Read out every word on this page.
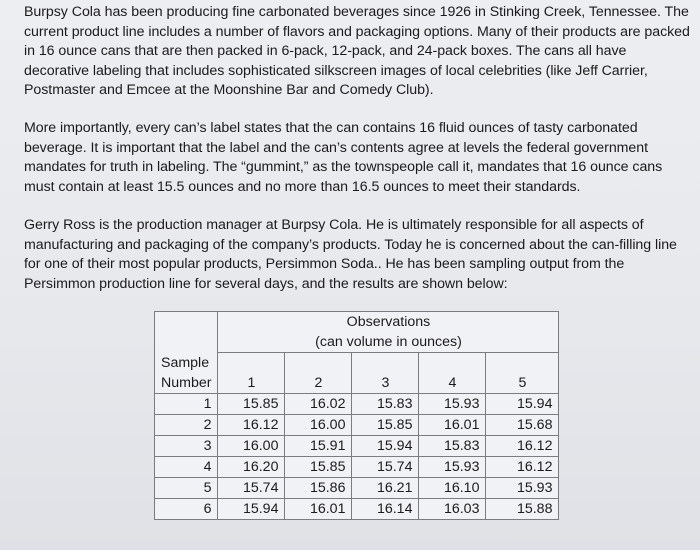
Burpsy Cola has been producing fine carbonated beverages since 1926 in Stinking Creek, Tennessee. The current product line includes a number of flavors and packaging options. Many of their products are packed in 16 ounce cans that are then packed in 6-pack, 12-pack, and 24-pack boxes. The cans all have decorative labeling that includes sophisticated silkscreen images of local celebrities (like Jeff Carrier, Postmaster and Emcee at the Moonshine Bar and Comedy Club).

More importantly, every can’s label states that the can contains 16 fluid ounces of tasty carbonated beverage. It is important that the label and the can’s contents agree at levels the federal government mandates for truth in labeling. The “gummint,” as the townspeople call it, mandates that 16 ounce cans must contain at least 15.5 ounces and no more than 16.5 ounces to meet their standards.

Gerry Ross is the production manager at Burpsy Cola. He is ultimately responsible for all aspects of manufacturing and packaging of the company’s products. Today he is concerned about the can-filling line for one of their most popular products, Persimmon Soda.. He has been sampling output from the Persimmon production line for several days, and the results are shown below:

	Observations
(can volume in ounces)				

Sample
Number	1	2	3	4	5
1	15.85	16.02	15.83	15.93	15.94
2	16.12	16.00	15.85	16.01	15.68
3	16.00	15.91	15.94	15.83	16.12
4	16.20	15.85	15.74	15.93	16.12
5	15.74	15.86	16.21	16.10	15.93
6	15.94	16.01	16.14	16.03	15.88
